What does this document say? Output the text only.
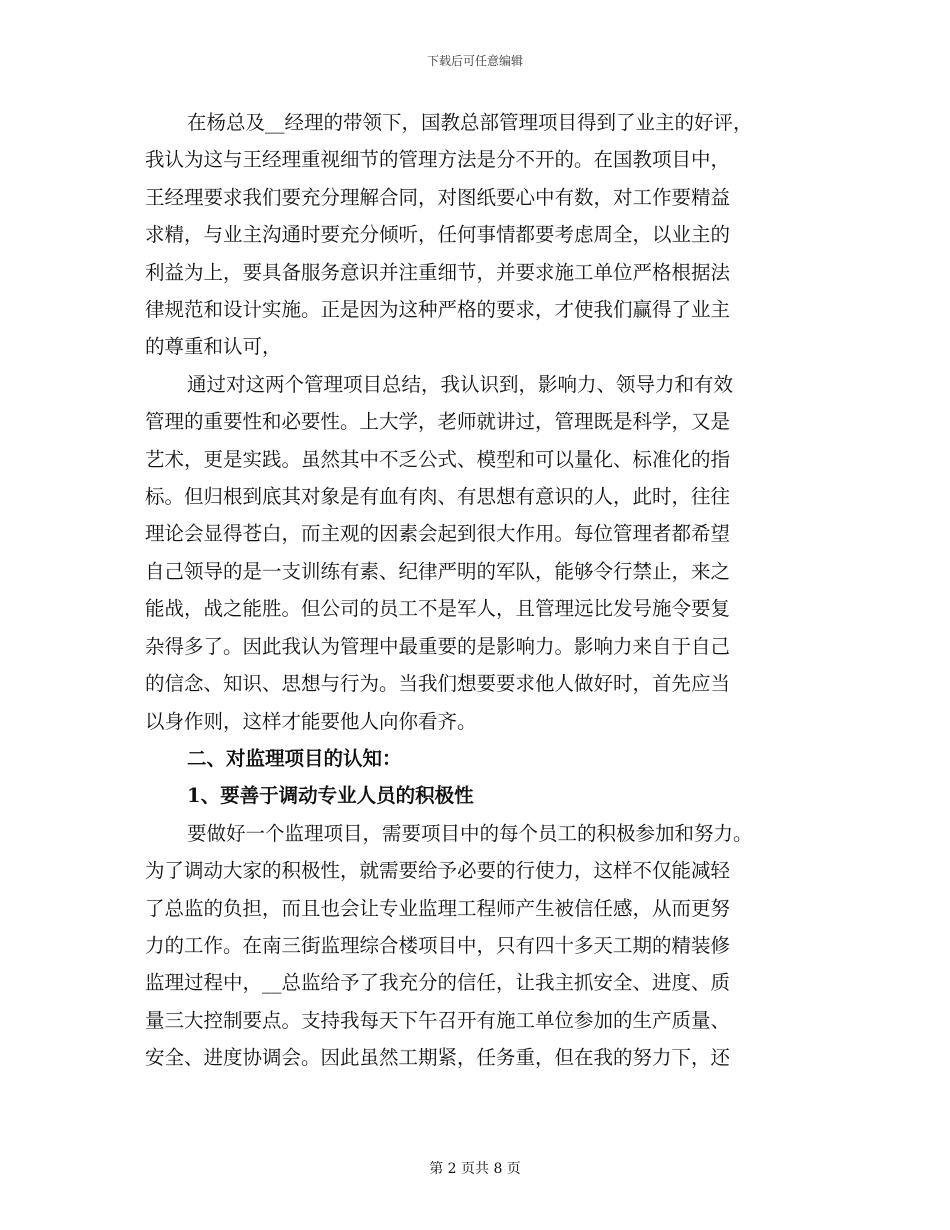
下载后可任意编辑
在杨总及__经理的带领下，国教总部管理项目得到了业主的好评，
我认为这与王经理重视细节的管理方法是分不开的。在国教项目中，
王经理要求我们要充分理解合同，对图纸要心中有数，对工作要精益
求精，与业主沟通时要充分倾听，任何事情都要考虑周全，以业主的
利益为上，要具备服务意识并注重细节，并要求施工单位严格根据法
律规范和设计实施。正是因为这种严格的要求，才使我们赢得了业主
的尊重和认可，
通过对这两个管理项目总结，我认识到，影响力、领导力和有效
管理的重要性和必要性。上大学，老师就讲过，管理既是科学，又是
艺术，更是实践。虽然其中不乏公式、模型和可以量化、标准化的指
标。但归根到底其对象是有血有肉、有思想有意识的人，此时，往往
理论会显得苍白，而主观的因素会起到很大作用。每位管理者都希望
自己领导的是一支训练有素、纪律严明的军队，能够令行禁止，来之
能战，战之能胜。但公司的员工不是军人，且管理远比发号施令要复
杂得多了。因此我认为管理中最重要的是影响力。影响力来自于自己
的信念、知识、思想与行为。当我们想要要求他人做好时，首先应当
以身作则，这样才能要他人向你看齐。
二、对监理项目的认知：
1、要善于调动专业人员的积极性
要做好一个监理项目，需要项目中的每个员工的积极参加和努力。
为了调动大家的积极性，就需要给予必要的行使力，这样不仅能减轻
了总监的负担，而且也会让专业监理工程师产生被信任感，从而更努
力的工作。在南三街监理综合楼项目中，只有四十多天工期的精装修
监理过程中，__总监给予了我充分的信任，让我主抓安全、进度、质
量三大控制要点。支持我每天下午召开有施工单位参加的生产质量、
安全、进度协调会。因此虽然工期紧，任务重，但在我的努力下，还
第 2 页共 8 页
